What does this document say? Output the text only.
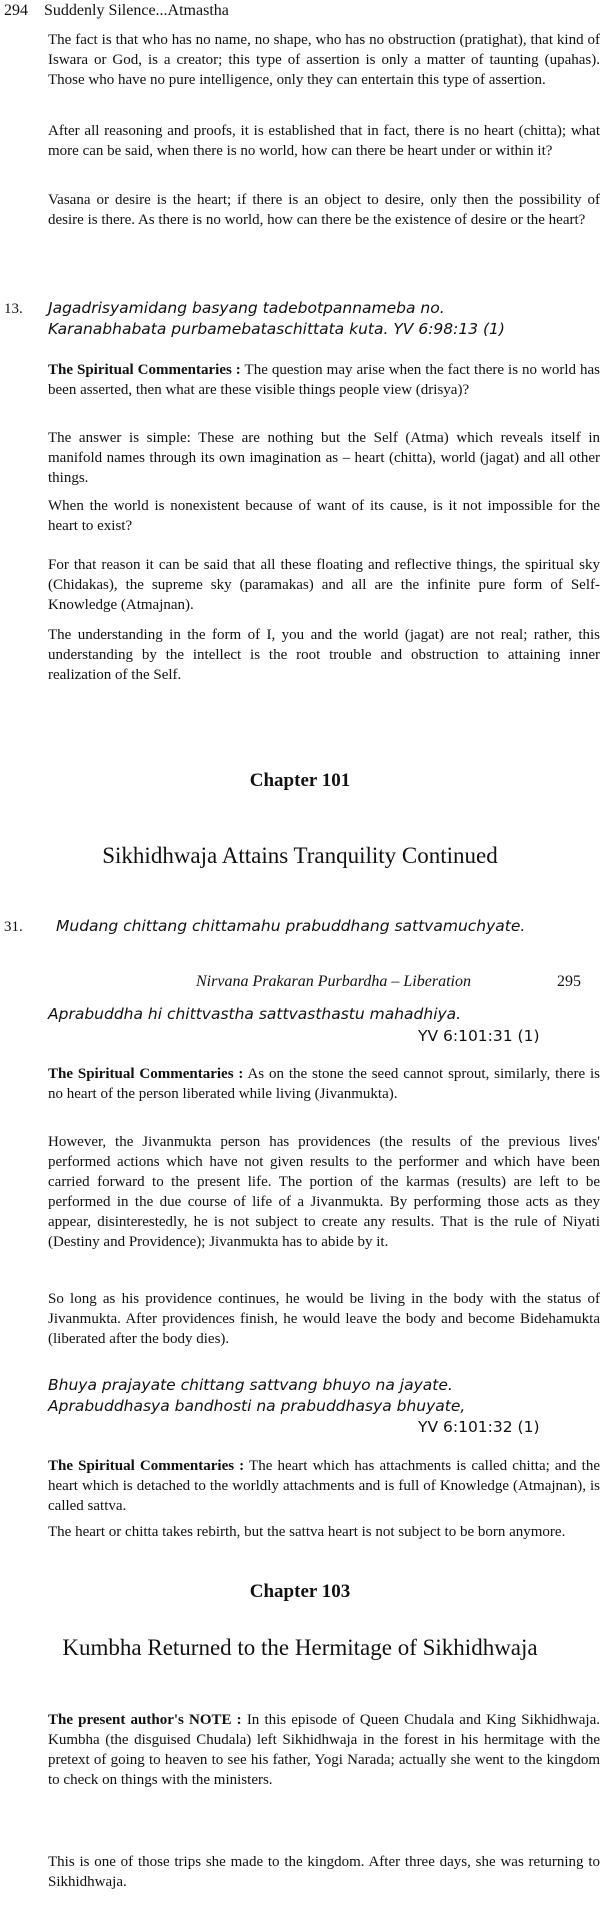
294 Suddenly Silence...Atmastha

The fact is that who has no name, no shape, who has no obstruction (pratighat), that kind of Iswara or God, is a creator; this type of assertion is only a matter of taunting (upahas). Those who have no pure intelligence, only they can entertain this type of assertion.

After all reasoning and proofs, it is established that in fact, there is no heart (chitta); what more can be said, when there is no world, how can there be heart under or within it?

Vasana or desire is the heart; if there is an object to desire, only then the possibility of desire is there. As there is no world, how can there be the existence of desire or the heart?

13. Jagadrisyamidang basyang tadebotpannameba no.
Karanabhabata purbamebataschittata kuta. YV 6:98:13 (1)

The Spiritual Commentaries : The question may arise when the fact there is no world has been asserted, then what are these visible things people view (drisya)?

The answer is simple: These are nothing but the Self (Atma) which reveals itself in manifold names through its own imagination as – heart (chitta), world (jagat) and all other things.

When the world is nonexistent because of want of its cause, is it not impossible for the heart to exist?

For that reason it can be said that all these floating and reflective things, the spiritual sky (Chidakas), the supreme sky (paramakas) and all are the infinite pure form of Self-Knowledge (Atmajnan).

The understanding in the form of I, you and the world (jagat) are not real; rather, this understanding by the intellect is the root trouble and obstruction to attaining inner realization of the Self.

Chapter 101
Sikhidhwaja Attains Tranquility Continued
31. Mudang chittang chittamahu prabuddhang sattvamuchyate.
Nirvana Prakaran Purbardha – Liberation	295
Aprabuddha hi chittvastha sattvasthastu mahadhiya.
YV 6:101:31 (1)

The Spiritual Commentaries : As on the stone the seed cannot sprout, similarly, there is no heart of the person liberated while living (Jivanmukta).

However, the Jivanmukta person has providences (the results of the previous lives' performed actions which have not given results to the performer and which have been carried forward to the present life. The portion of the karmas (results) are left to be performed in the due course of life of a Jivanmukta. By performing those acts as they appear, disinterestedly, he is not subject to create any results. That is the rule of Niyati (Destiny and Providence); Jivanmukta has to abide by it.

So long as his providence continues, he would be living in the body with the status of Jivanmukta. After providences finish, he would leave the body and become Bidehamukta (liberated after the body dies).

Bhuya prajayate chittang sattvang bhuyo na jayate.
Aprabuddhasya bandhosti na prabuddhasya bhuyate,
YV 6:101:32 (1)

The Spiritual Commentaries : The heart which has attachments is called chitta; and the heart which is detached to the worldly attachments and is full of Knowledge (Atmajnan), is called sattva.

The heart or chitta takes rebirth, but the sattva heart is not subject to be born anymore.

Chapter 103
Kumbha Returned to the Hermitage of Sikhidhwaja

The present author's NOTE : In this episode of Queen Chudala and King Sikhidhwaja. Kumbha (the disguised Chudala) left Sikhidhwaja in the forest in his hermitage with the pretext of going to heaven to see his father, Yogi Narada; actually she went to the kingdom to check on things with the ministers.

This is one of those trips she made to the kingdom. After three days, she was returning to Sikhidhwaja.
